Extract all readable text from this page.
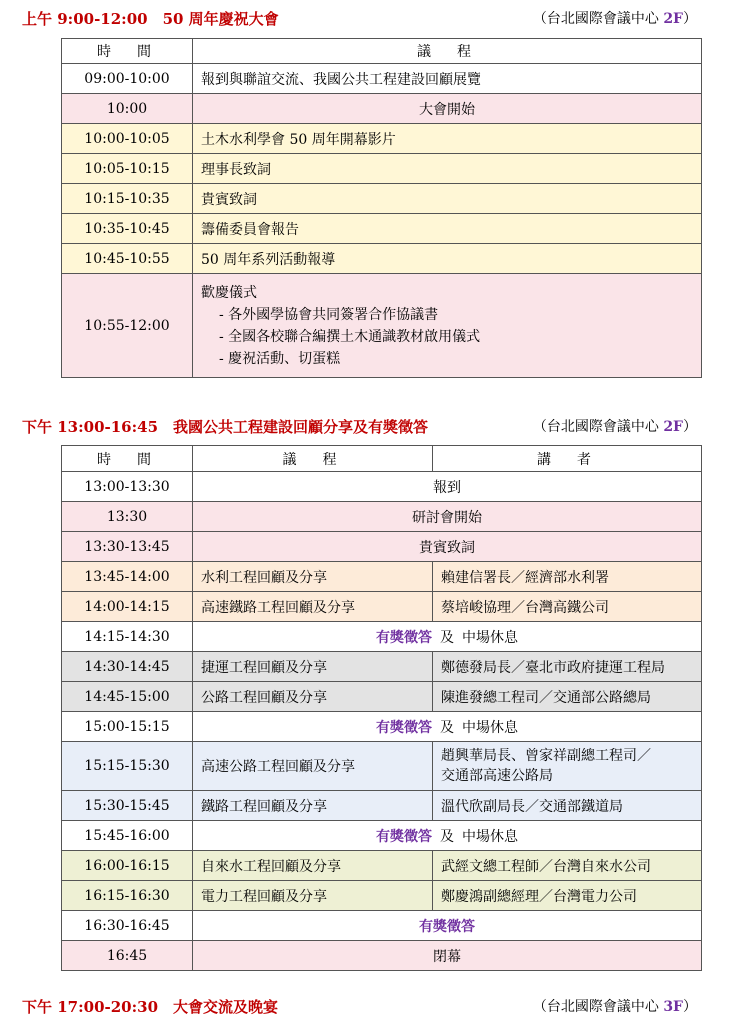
上午 9:00-12:00　50 周年慶祝大會	（台北國際會議中心 2F）
時　間	議　程
09:00-10:00	報到與聯誼交流、我國公共工程建設回顧展覽
10:00	大會開始
10:00-10:05	土木水利學會 50 周年開幕影片
10:05-10:15	理事長致詞
10:15-10:35	貴賓致詞
10:35-10:45	籌備委員會報告
10:45-10:55	50 周年系列活動報導
10:55-12:00	歡慶儀式
- 各外國學協會共同簽署合作協議書
- 全國各校聯合編撰土木通識教材啟用儀式
- 慶祝活動、切蛋糕
下午 13:00-16:45　我國公共工程建設回顧分享及有獎徵答	（台北國際會議中心 2F）
時　間	議　程	講　者
13:00-13:30	報到	
13:30	研討會開始	
13:30-13:45	貴賓致詞	
13:45-14:00	水利工程回顧及分享	賴建信署長／經濟部水利署
14:00-14:15	高速鐵路工程回顧及分享	蔡培峻協理／台灣高鐵公司
14:15-14:30	有獎徵答 及 中場休息	
14:30-14:45	捷運工程回顧及分享	鄭德發局長／臺北市政府捷運工程局
14:45-15:00	公路工程回顧及分享	陳進發總工程司／交通部公路總局
15:00-15:15	有獎徵答 及 中場休息	
15:15-15:30	高速公路工程回顧及分享	趙興華局長、曾家祥副總工程司／
交通部高速公路局

15:30-15:45	鐵路工程回顧及分享	溫代欣副局長／交通部鐵道局
15:45-16:00	有獎徵答 及 中場休息	
16:00-16:15	自來水工程回顧及分享	武經文總工程師／台灣自來水公司
16:15-16:30	電力工程回顧及分享	鄭慶鴻副總經理／台灣電力公司
16:30-16:45	有獎徵答	
16:45	閉幕	
下午 17:00-20:30　大會交流及晚宴	（台北國際會議中心 3F）
